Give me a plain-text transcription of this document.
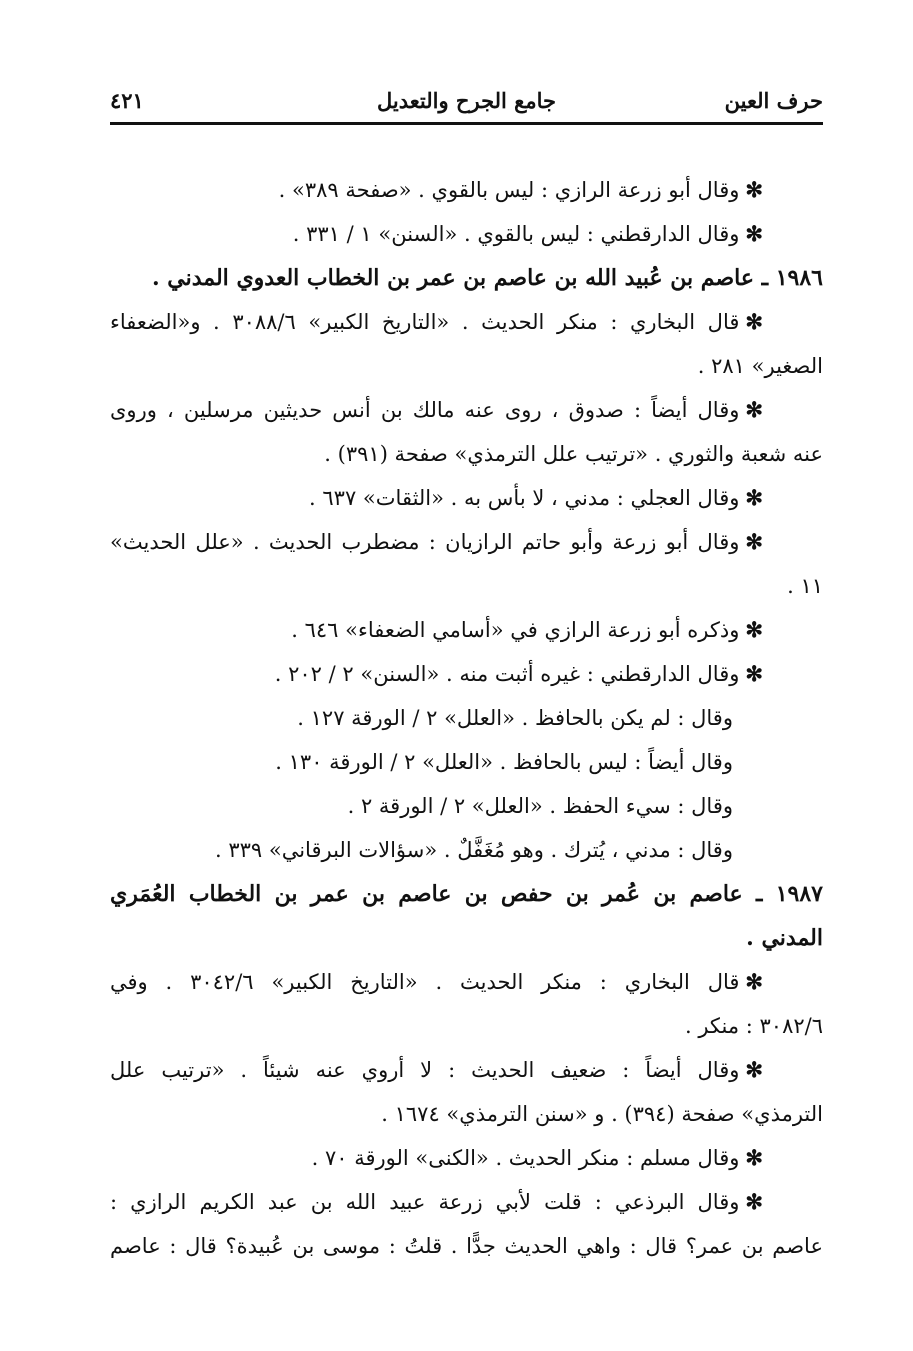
حرف العين
جامع الجرح والتعديل
٤٢١
✻وقال أبو زرعة الرازي : ليس بالقوي . «صفحة ٣٨٩» .
✻وقال الدارقطني : ليس بالقوي . «السنن» ١ / ٣٣١ .
١٩٨٦ ـ عاصم بن عُبيد الله بن عاصم بن عمر بن الخطاب العدوي المدني .
✻قال البخاري : منكر الحديث . «التاريخ الكبير» ٣٠٨٨/٦ . و«الضعفاء
الصغير» ٢٨١ .
✻وقال أيضاً : صدوق ، روى عنه مالك بن أنس حديثين مرسلين ، وروى
عنه شعبة والثوري . «ترتيب علل الترمذي» صفحة (٣٩١) .
✻وقال العجلي : مدني ، لا بأس به . «الثقات» ٦٣٧ .
✻وقال أبو زرعة وأبو حاتم الرازيان : مضطرب الحديث . «علل الحديث»
١١ .
✻وذكره أبو زرعة الرازي في «أسامي الضعفاء» ٦٤٦ .
✻وقال الدارقطني : غيره أثبت منه . «السنن» ٢ / ٢٠٢ .
وقال : لم يكن بالحافظ . «العلل» ٢ / الورقة ١٢٧ .
وقال أيضاً : ليس بالحافظ . «العلل» ٢ / الورقة ١٣٠ .
وقال : سيء الحفظ . «العلل» ٢ / الورقة ٢ .
وقال : مدني ، يُترك . وهو مُغَفَّلٌ . «سؤالات البرقاني» ٣٣٩ .
١٩٨٧ ـ عاصم بن عُمر بن حفص بن عاصم بن عمر بن الخطاب العُمَري
المدني .
✻قال البخاري : منكر الحديث . «التاريخ الكبير» ٣٠٤٢/٦ . وفي
٣٠٨٢/٦ : منكر .
✻وقال أيضاً : ضعيف الحديث : لا أروي عنه شيئاً . «ترتيب علل
الترمذي» صفحة (٣٩٤) . و «سنن الترمذي» ١٦٧٤ .
✻وقال مسلم : منكر الحديث . «الكنى» الورقة ٧٠ .
✻وقال البرذعي : قلت لأبي زرعة عبيد الله بن عبد الكريم الرازي :
عاصم بن عمر؟ قال : واهي الحديث جدًّا . قلتُ : موسى بن عُبيدة؟ قال : عاصم
